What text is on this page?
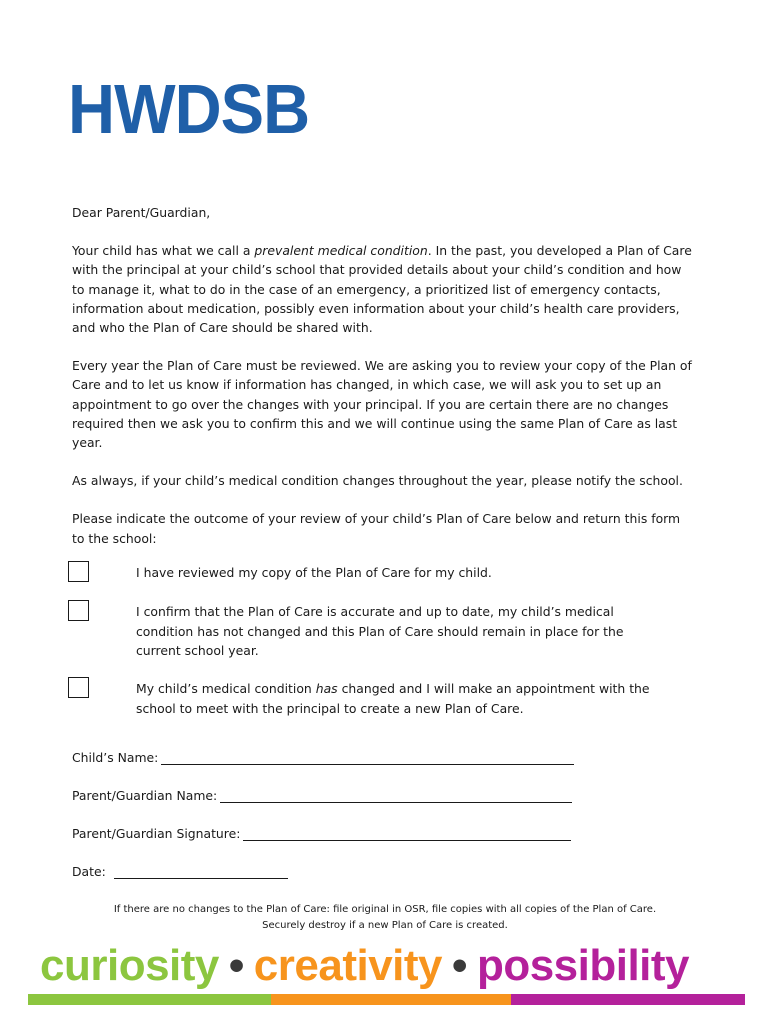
HWDSB

Dear Parent/Guardian,

Your child has what we call a prevalent medical condition. In the past, you developed a Plan of Care with the principal at your child’s school that provided details about your child’s condition and how to manage it, what to do in the case of an emergency, a prioritized list of emergency contacts, information about medication, possibly even information about your child’s health care providers, and who the Plan of Care should be shared with.

Every year the Plan of Care must be reviewed. We are asking you to review your copy of the Plan of Care and to let us know if information has changed, in which case, we will ask you to set up an appointment to go over the changes with your principal. If you are certain there are no changes required then we ask you to confirm this and we will continue using the same Plan of Care as last year.

As always, if your child’s medical condition changes throughout the year, please notify the school.

Please indicate the outcome of your review of your child’s Plan of Care below and return this form to the school:

I have reviewed my copy of the Plan of Care for my child.
I confirm that the Plan of Care is accurate and up to date, my child’s medical condition has not changed and this Plan of Care should remain in place for the current school year.
My child’s medical condition has changed and I will make an appointment with the school to meet with the principal to create a new Plan of Care.
Child’s Name:
Parent/Guardian Name:
Parent/Guardian Signature:
Date:
If there are no changes to the Plan of Care: file original in OSR, file copies with all copies of the Plan of Care.
Securely destroy if a new Plan of Care is created.
curiosity • creativity • possibility
